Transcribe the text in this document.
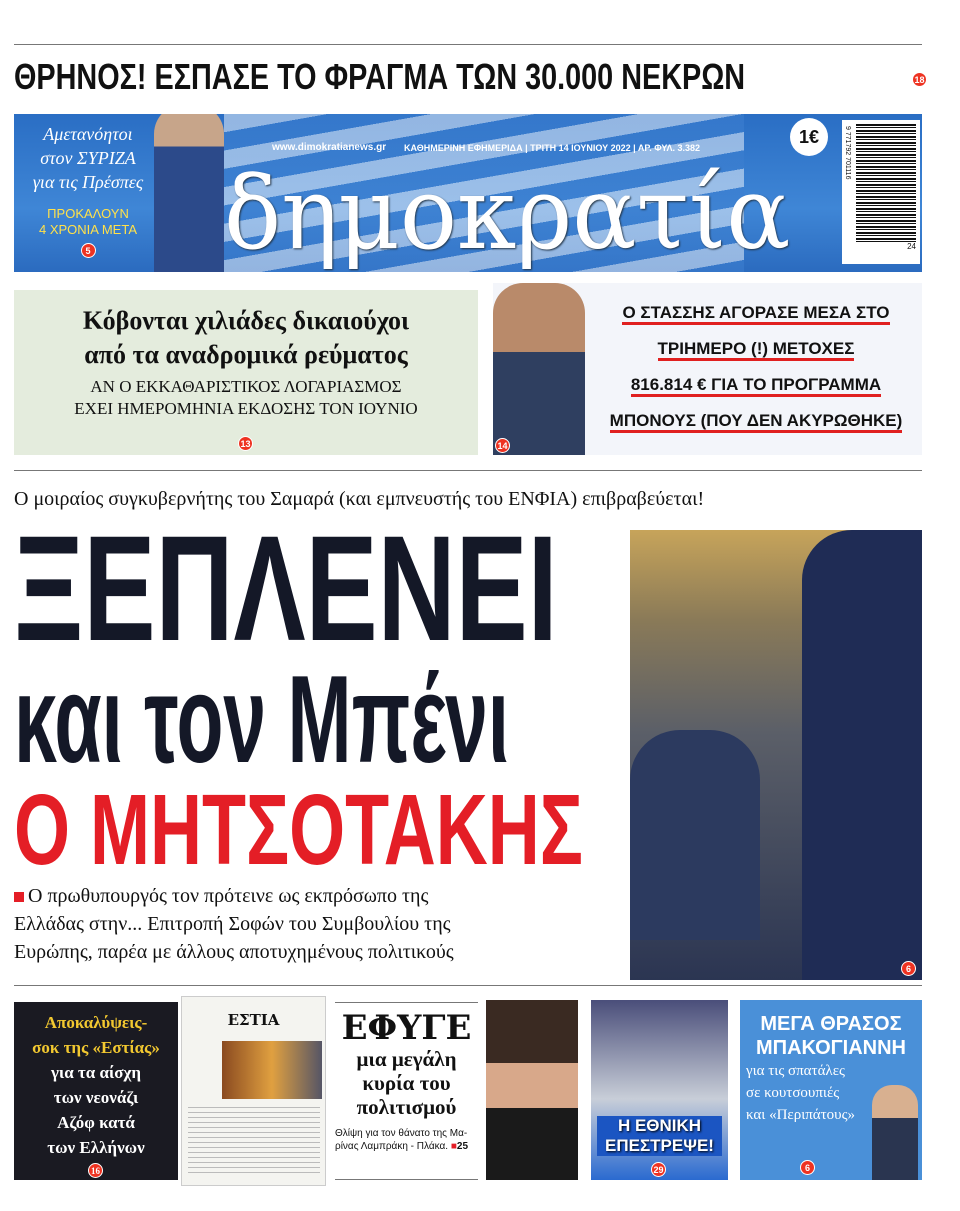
ΘΡΗΝΟΣ! ΕΣΠΑΣΕ ΤΟ ΦΡΑΓΜΑ ΤΩΝ 30.000 ΝΕΚΡΩΝ	18
Αμετανόητοι
στον ΣΥΡΙΖΑ
για τις Πρέσπες
ΠΡΟΚΑΛΟΥΝ
4 ΧΡΟΝΙΑ ΜΕΤΑ
5
www.dimokratianews.gr ΚΑΘΗΜΕΡΙΝΗ ΕΦΗΜΕΡΙΔΑ | ΤΡΙΤΗ 14 ΙΟΥΝΙΟΥ 2022 | ΑΡ. ΦΥΛ. 3.382
δημοκρατία
1€	9 771792 701116
24
Κόβονται χιλιάδες δικαιούχοι
από τα αναδρομικά ρεύματος
ΑΝ Ο ΕΚΚΑΘΑΡΙΣΤΙΚΟΣ ΛΟΓΑΡΙΑΣΜΟΣ
ΕΧΕΙ ΗΜΕΡΟΜΗΝΙΑ ΕΚΔΟΣΗΣ ΤΟΝ ΙΟΥΝΙΟ
13	14
Ο ΣΤΑΣΣΗΣ ΑΓΟΡΑΣΕ ΜΕΣΑ ΣΤΟ
ΤΡΙΗΜΕΡΟ (!) ΜΕΤΟΧΕΣ
816.814 € ΓΙΑ ΤΟ ΠΡΟΓΡΑΜΜΑ
ΜΠΟΝΟΥΣ (ΠΟΥ ΔΕΝ ΑΚΥΡΩΘΗΚΕ)
Ο μοιραίος συγκυβερνήτης του Σαμαρά (και εμπνευστής του ΕΝΦΙΑ) επιβραβεύεται!
6
ΞΕΠΛΕΝΕΙ
και τον Μπένι
Ο ΜΗΤΣΟΤΑΚΗΣ
Ο πρωθυπουργός τον πρότεινε ως εκπρόσωπο της
Ελλάδας στην... Επιτροπή Σοφών του Συμβουλίου της
Ευρώπης, παρέα με άλλους αποτυχημένους πολιτικούς
Αποκαλύψεις-
σοκ της «Εστίας»
για τα αίσχη
των νεονάζι
Αζόφ κατά
των Ελλήνων
16
ΕΣΤΙΑ	ΕΦΥΓΕ
μια μεγάλη
κυρία του
πολιτισμού
Θλίψη για τον θάνατο της Μα-ρίνας Λαμπράκη - Πλάκα. ■25
Η ΕΘΝΙΚΗ
ΕΠΕΣΤΡΕΨΕ!
29
ΜΕΓΑ ΘΡΑΣΟΣ
ΜΠΑΚΟΓΙΑΝΝΗ
για τις σπατάλες
σε κουτσουπιές
και «Περιπάτους»
6
